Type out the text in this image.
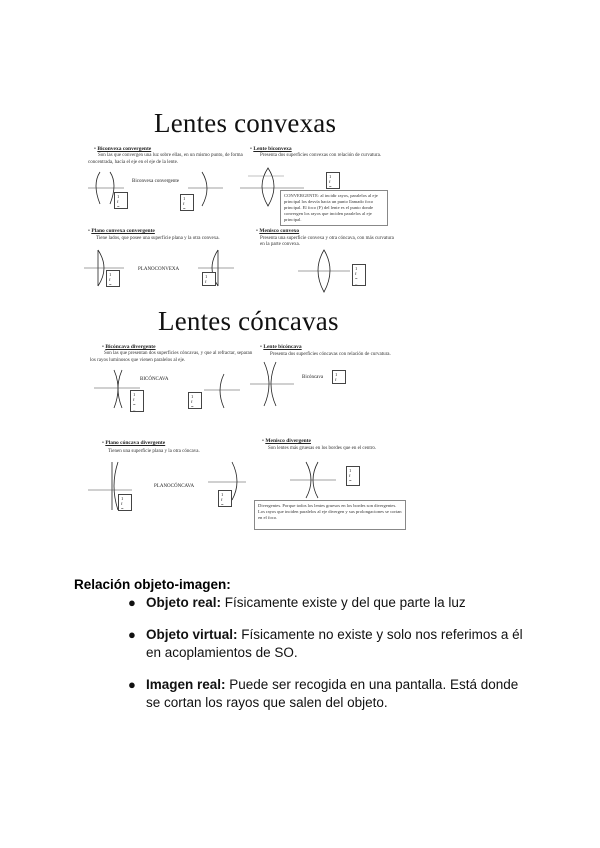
Lentes convexas
• Biconvexa convergente
Son las que convergen una luz sobre ellas, en un mismo punto, de forma
concentrada, hacia el eje en el eje de la lente.
Biconvexa convergente
1
f
=
1
f
=
• Lente biconvexa
Presenta dos superficies convexas con relación de curvatura.
1
f
=
CONVERGENTE: al incidir rayos, paralelos al eje principal los desvía hacia un punto llamado foco principal. El foco (F) del lente es el punto donde convergen los rayos que inciden paralelos al eje principal.
• Plano convexa convergente
Tiene lados, que posee una superficie plana y la otra convexa.
PLANOCONVEXA
1
f
=
1
f
• Menisco convexo
Presenta una superficie convexa y otra cóncava, con más curvatura en la parte convexa.
1
f
=
–
Lentes cóncavas
• Bicóncava divergente
Son las que presentan dos superficies cóncavas, y que al refractar, separan
los rayos luminosos que vienen paralelos al eje.
BICÓNCAVA
1
f
=
–
1
f
=
• Lente bicóncava
Presenta dos superficies cóncavas con relación de curvatura.
Bicóncava
1
f
• Plano cóncava divergente
Tienen una superficie plana y la otra cóncava.
PLANOCÓNCAVA
1
f
=
1
f
=
• Menisco divergente
Son lentes más gruesas en los bordes que en el centro.
1
f
=
Divergentes. Porque todos los lentes gruesos en los bordes son divergentes. Los rayos que inciden paralelos al eje divergen y sus prolongaciones se cortan en el foco.
Relación objeto-imagen:
● Objeto real: Físicamente existe y del que parte la luz
● Objeto virtual: Físicamente no existe y solo nos referimos a él en acoplamientos de SO.
● Imagen real: Puede ser recogida en una pantalla. Está donde se cortan los rayos que salen del objeto.
